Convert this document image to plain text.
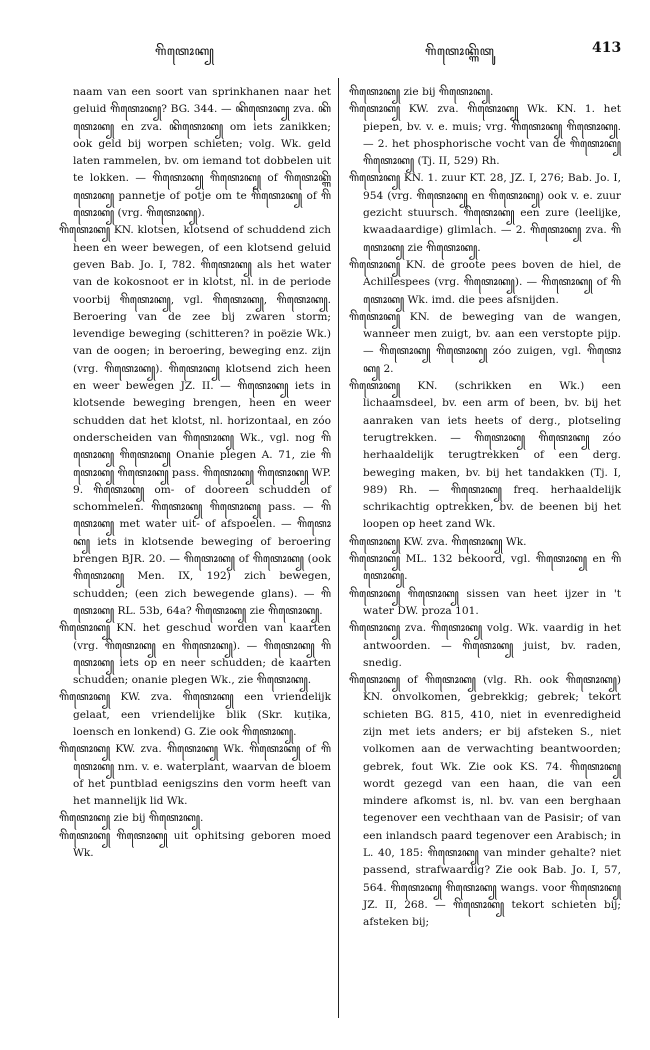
ꦒꦼꦠꦺꦴꦏ꧀	ꦒꦼꦠꦺꦴꦏ꧀ꦒꦼꦠꦸ	413

naam van een soort van sprinkhanen naar het geluid ꦒꦼꦠꦺꦴꦏ꧀? BG. 344. — ꦏꦼꦠꦺꦴꦏ꧀ zva. ꦏꦼꦠꦺꦴꦏ꧀ en zva. ꦏꦼꦠꦺꦴꦏ꧀ om iets zanikken; ook geld bij worpen schieten; volg. Wk. geld laten rammelen, bv. om iemand tot dobbelen uit te lokken. — ꦒꦼꦠꦺꦴꦏ꧀ ꦒꦼꦠꦺꦴꦏ꧀ of ꦒꦼꦠꦺꦴꦏ꧀ꦒꦼꦠꦺꦴꦏ꧀ pannetje of potje om te ꦒꦼꦠꦺꦴꦏ꧀ of ꦒꦼꦠꦺꦴꦏ꧀ (vrg. ꦒꦼꦠꦺꦴꦏ꧀).

ꦒꦼꦠꦺꦴꦏ꧀ KN. klotsen, klotsend of schuddend zich heen en weer bewegen, of een klotsend geluid geven Bab. Jo. I, 782. ꦒꦼꦠꦺꦴꦏ꧀ als het water van de kokosnoot er in klotst, nl. in de periode voorbij ꦒꦼꦠꦺꦴꦏ꧀, vgl. ꦒꦼꦠꦺꦴꦏ꧀, ꦒꦼꦠꦺꦴꦏ꧀. Beroering van de zee bij zwaren storm; levendige beweging (schitteren? in poëzie Wk.) van de oogen; in beroering, beweging enz. zijn (vrg. ꦒꦼꦠꦺꦴꦏ꧀). ꦒꦼꦠꦺꦴꦏ꧀ klotsend zich heen en weer bewegen JZ. II. — ꦒꦼꦠꦺꦴꦏ꧀ iets in klotsende beweging brengen, heen en weer schudden dat het klotst, nl. horizontaal, en zóo onderscheiden van ꦒꦼꦠꦺꦴꦏ꧀ Wk., vgl. nog ꦒꦼꦠꦺꦴꦏ꧀ ꦒꦼꦠꦺꦴꦏ꧀ Onanie plegen A. 71, zie ꦒꦼꦠꦺꦴꦏ꧀ ꦒꦼꦠꦺꦴꦏ꧀ pass. ꦒꦼꦠꦺꦴꦏ꧀ ꦒꦼꦠꦺꦴꦏ꧀ WP. 9. ꦒꦼꦠꦺꦴꦏ꧀ om- of dooreen schudden of schommelen. ꦒꦼꦠꦺꦴꦏ꧀ ꦒꦼꦠꦺꦴꦏ꧀ pass. — ꦒꦼꦠꦺꦴꦏ꧀ met water uit- of afspoelen. — ꦒꦼꦠꦺꦴꦏ꧀ iets in klotsende beweging of beroering brengen BJR. 20. — ꦒꦼꦠꦺꦴꦏ꧀ of ꦒꦼꦠꦺꦴꦏ꧀ (ook ꦒꦼꦠꦺꦴꦏ꧀ Men. IX, 192) zich bewegen, schudden; (een zich bewegende glans). — ꦒꦼꦠꦺꦴꦏ꧀ RL. 53b, 64a? ꦒꦼꦠꦺꦴꦏ꧀ zie ꦒꦼꦠꦺꦴꦏ꧀.

ꦒꦼꦠꦺꦴꦏ꧀ KN. het geschud worden van kaarten (vrg. ꦒꦼꦠꦺꦴꦏ꧀ en ꦒꦼꦠꦺꦴꦏ꧀). — ꦒꦼꦠꦺꦴꦏ꧀ ꦒꦼꦠꦺꦴꦏ꧀ iets op en neer schudden; de kaarten schudden; onanie plegen Wk., zie ꦒꦼꦠꦺꦴꦏ꧀.

ꦒꦼꦠꦺꦴꦏ꧀ KW. zva. ꦒꦼꦠꦺꦴꦏ꧀ een vriendelijk gelaat, een vriendelijke blik (Skr. kuṭika, loensch en lonkend) G. Zie ook ꦒꦼꦠꦺꦴꦏ꧀.

ꦒꦼꦠꦺꦴꦏ꧀ KW. zva. ꦒꦼꦠꦺꦴꦏ꧀ Wk. ꦒꦼꦠꦺꦴꦏ꧀ of ꦒꦼꦠꦺꦴꦏ꧀ nm. v. e. waterplant, waarvan de bloem of het puntblad eenigszins den vorm heeft van het mannelijk lid Wk.

ꦒꦼꦠꦺꦴꦏ꧀ zie bij ꦒꦼꦠꦺꦴꦏ꧀.

ꦒꦼꦠꦺꦴꦏ꧀ ꦒꦼꦠꦺꦴꦏ꧀ uit ophitsing geboren moed Wk.

ꦒꦼꦠꦺꦴꦏ꧀ zie bij ꦒꦼꦠꦺꦴꦏ꧀.

ꦒꦼꦠꦺꦴꦏ꧀ KW. zva. ꦒꦼꦠꦺꦴꦏ꧀ Wk. KN. 1. het piepen, bv. v. e. muis; vrg. ꦒꦼꦠꦺꦴꦏ꧀ ꦒꦼꦠꦺꦴꦏ꧀. — 2. het phosphorische vocht van de ꦒꦼꦠꦺꦴꦏ꧀ ꦒꦼꦠꦺꦴꦏ꧀ (Tj. II, 529) Rh.

ꦒꦼꦠꦺꦴꦏ꧀ KN. 1. zuur KT. 28, JZ. I, 276; Bab. Jo. I, 954 (vrg. ꦒꦼꦠꦺꦴꦏ꧀ en ꦒꦼꦠꦺꦴꦏ꧀) ook v. e. zuur gezicht stuursch. ꦒꦼꦠꦺꦴꦏ꧀ een zure (leelijke, kwaadaardige) glimlach. — 2. ꦒꦼꦠꦺꦴꦏ꧀ zva. ꦒꦼꦠꦺꦴꦏ꧀ zie ꦒꦼꦠꦺꦴꦏ꧀.

ꦒꦼꦠꦺꦴꦏ꧀ KN. de groote pees boven de hiel, de Achillespees (vrg. ꦒꦼꦠꦺꦴꦏ꧀). — ꦒꦼꦠꦺꦴꦏ꧀ of ꦒꦼꦠꦺꦴꦏ꧀ Wk. imd. die pees afsnijden.

ꦒꦼꦠꦺꦴꦏ꧀ KN. de beweging van de wangen, wanneer men zuigt, bv. aan een verstopte pijp. — ꦒꦼꦠꦺꦴꦏ꧀ ꦒꦼꦠꦺꦴꦏ꧀ zóo zuigen, vgl. ꦒꦼꦠꦺꦴꦏ꧀ 2.

ꦒꦼꦠꦺꦴꦏ꧀ KN. (schrikken en Wk.) een lichaamsdeel, bv. een arm of been, bv. bij het aanraken van iets heets of derg., plotseling terugtrekken. — ꦒꦼꦠꦺꦴꦏ꧀ ꦒꦼꦠꦺꦴꦏ꧀ zóo herhaaldelijk terugtrekken of een derg. beweging maken, bv. bij het tandakken (Tj. I, 989) Rh. — ꦒꦼꦠꦺꦴꦏ꧀ freq. herhaaldelijk schrikachtig optrekken, bv. de beenen bij het loopen op heet zand Wk.

ꦒꦼꦠꦺꦴꦏ꧀ KW. zva. ꦒꦼꦠꦺꦴꦏ꧀ Wk.

ꦒꦼꦠꦺꦴꦏ꧀ ML. 132 bekoord, vgl. ꦒꦼꦠꦺꦴꦏ꧀ en ꦒꦼꦠꦺꦴꦏ꧀.

ꦒꦼꦠꦺꦴꦏ꧀ ꦒꦼꦠꦺꦴꦏ꧀ sissen van heet ijzer in 't water DW. proza 101.

ꦒꦼꦠꦺꦴꦏ꧀ zva. ꦒꦼꦠꦺꦴꦏ꧀ volg. Wk. vaardig in het antwoorden. — ꦒꦼꦠꦺꦴꦏ꧀ juist, bv. raden, snedig.

ꦒꦼꦠꦺꦴꦏ꧀ of ꦒꦼꦠꦺꦴꦏ꧀ (vlg. Rh. ook ꦒꦼꦠꦺꦴꦏ꧀) KN. onvolkomen, gebrekkig; gebrek; tekort schieten BG. 815, 410, niet in evenredigheid zijn met iets anders; er bij afsteken S., niet volkomen aan de verwachting beantwoorden; gebrek, fout Wk. Zie ook KS. 74. ꦒꦼꦠꦺꦴꦏ꧀ wordt gezegd van een haan, die van een mindere afkomst is, nl. bv. van een berghaan tegenover een vechthaan van de Pasisir; of van een inlandsch paard tegenover een Arabisch; in L. 40, 185: ꦒꦼꦠꦺꦴꦏ꧀ van minder gehalte? niet passend, strafwaardig? Zie ook Bab. Jo. I, 57, 564. ꦒꦼꦠꦺꦴꦏ꧀ ꦒꦼꦠꦺꦴꦏ꧀ wangs. voor ꦒꦼꦠꦺꦴꦏ꧀ JZ. II, 268. — ꦒꦼꦠꦺꦴꦏ꧀ tekort schieten bij; afsteken bij;
